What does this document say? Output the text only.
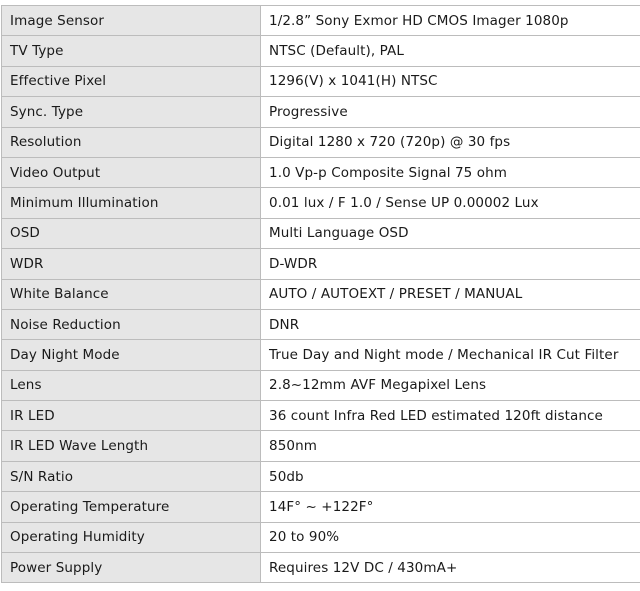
Image Sensor	1/2.8” Sony Exmor HD CMOS Imager 1080p
TV Type	NTSC (Default), PAL
Effective Pixel	1296(V) x 1041(H) NTSC
Sync. Type	Progressive
Resolution	Digital 1280 x 720 (720p) @ 30 fps
Video Output	1.0 Vp-p Composite Signal 75 ohm
Minimum Illumination	0.01 lux / F 1.0 / Sense UP 0.00002 Lux
OSD	Multi Language OSD
WDR	D-WDR
White Balance	AUTO / AUTOEXT / PRESET / MANUAL
Noise Reduction	DNR
Day Night Mode	True Day and Night mode / Mechanical IR Cut Filter
Lens	2.8~12mm AVF Megapixel Lens
IR LED	36 count Infra Red LED estimated 120ft distance
IR LED Wave Length	850nm
S/N Ratio	50db
Operating Temperature	14F° ~ +122F°
Operating Humidity	20 to 90%
Power Supply	Requires 12V DC / 430mA+
